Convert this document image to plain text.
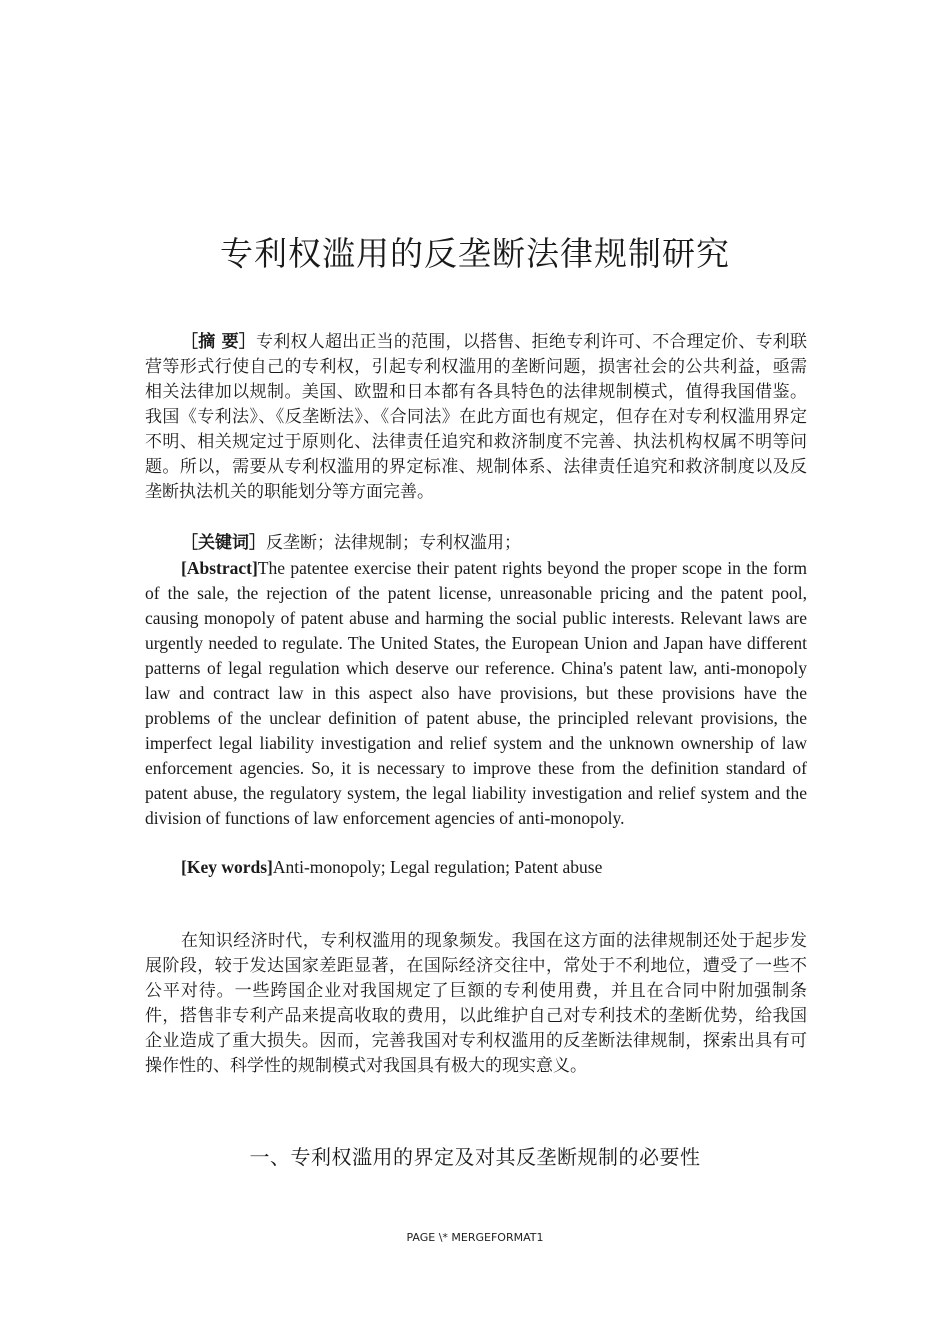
专利权滥用的反垄断法律规制研究

［摘 要］专利权人超出正当的范围，以搭售、拒绝专利许可、不合理定价、专利联营等形式行使自己的专利权，引起专利权滥用的垄断问题，损害社会的公共利益，亟需相关法律加以规制。美国、欧盟和日本都有各具特色的法律规制模式，值得我国借鉴。我国《专利法》、《反垄断法》、《合同法》在此方面也有规定，但存在对专利权滥用界定不明、相关规定过于原则化、法律责任追究和救济制度不完善、执法机构权属不明等问题。所以，需要从专利权滥用的界定标准、规制体系、法律责任追究和救济制度以及反垄断执法机关的职能划分等方面完善。

［关键词］反垄断；法律规制；专利权滥用；

[Abstract]The patentee exercise their patent rights beyond the proper scope in the form of the sale, the rejection of the patent license, unreasonable pricing and the patent pool, causing monopoly of patent abuse and harming the social public interests. Relevant laws are urgently needed to regulate. The United States, the European Union and Japan have different patterns of legal regulation which deserve our reference. China's patent law, anti-monopoly law and contract law in this aspect also have provisions, but these provisions have the problems of the unclear definition of patent abuse, the principled relevant provisions, the imperfect legal liability investigation and relief system and the unknown ownership of law enforcement agencies. So, it is necessary to improve these from the definition standard of patent abuse, the regulatory system, the legal liability investigation and relief system and the division of functions of law enforcement agencies of anti-monopoly.

[Key words]Anti-monopoly; Legal regulation; Patent abuse

在知识经济时代，专利权滥用的现象频发。我国在这方面的法律规制还处于起步发展阶段，较于发达国家差距显著，在国际经济交往中，常处于不利地位，遭受了一些不公平对待。一些跨国企业对我国规定了巨额的专利使用费，并且在合同中附加强制条件，搭售非专利产品来提高收取的费用，以此维护自己对专利技术的垄断优势，给我国企业造成了重大损失。因而，完善我国对专利权滥用的反垄断法律规制，探索出具有可操作性的、科学性的规制模式对我国具有极大的现实意义。

一、专利权滥用的界定及对其反垄断规制的必要性
PAGE \* MERGEFORMAT1
